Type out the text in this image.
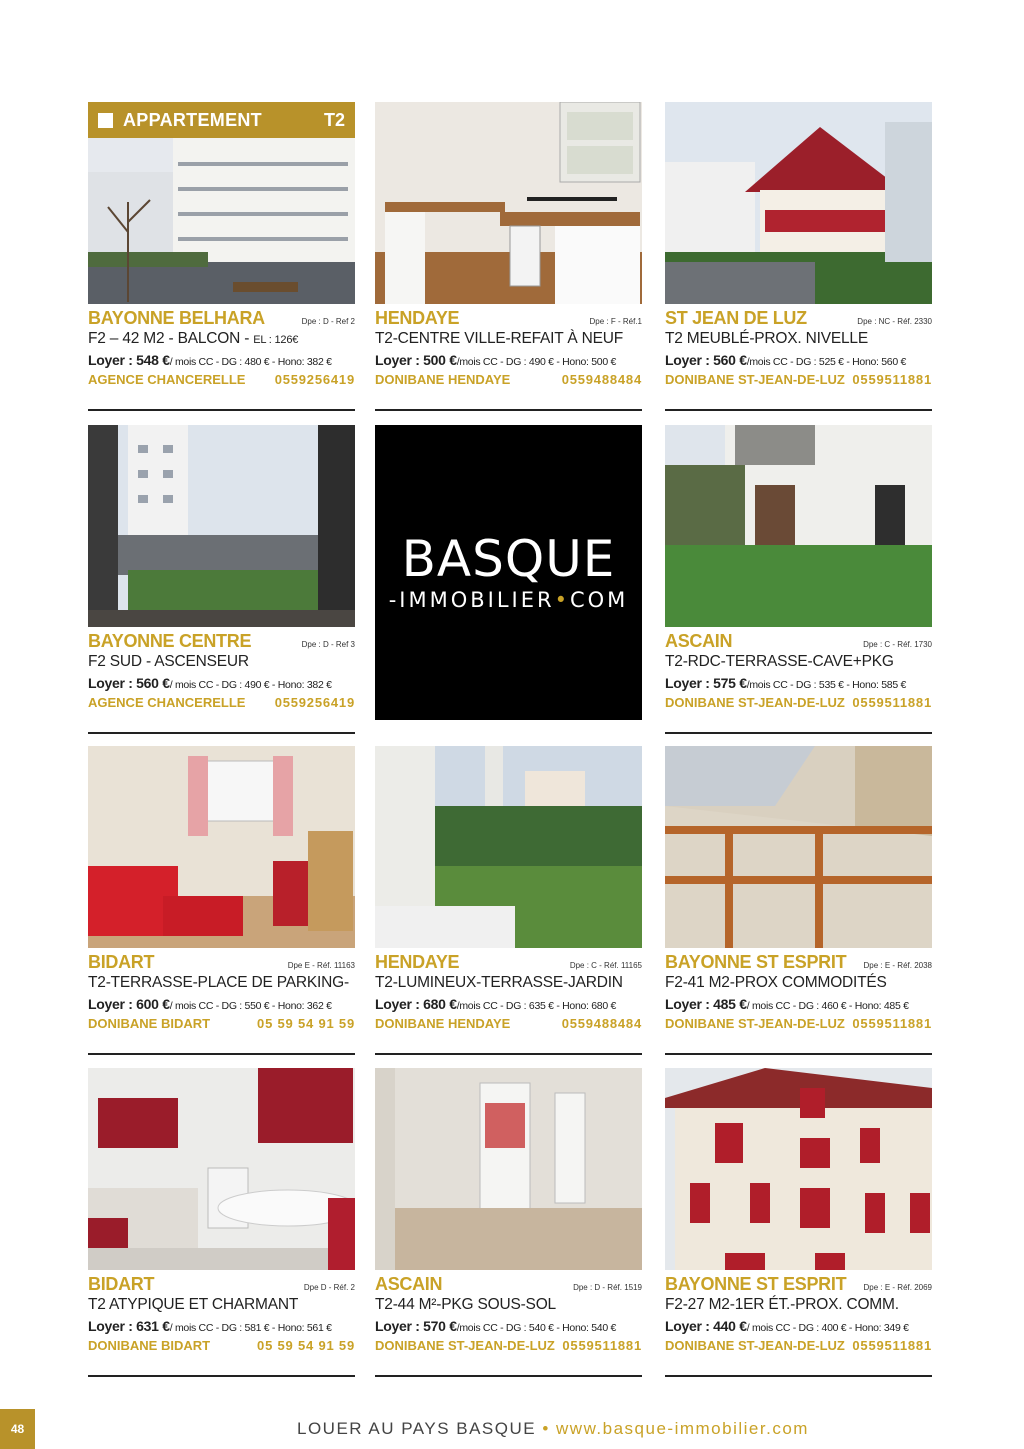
APPARTEMENT	T2
BAYONNE BELHARA	Dpe : D - Ref 2
F2 – 42 M2 - BALCON - EL : 126€
Loyer : 548 €/ mois CC - DG : 480 € - Hono: 382 €
AGENCE CHANCERELLE 0559256419
HENDAYE	Dpe : F - Réf.1
T2-CENTRE VILLE-REFAIT À NEUF
Loyer : 500 €/mois CC - DG : 490 € - Hono: 500 €
DONIBANE HENDAYE	0559488484
ST JEAN DE LUZ	Dpe : NC - Réf. 2330
T2 MEUBLÉ-PROX. NIVELLE
Loyer : 560 €/mois CC - DG : 525 € - Hono: 560 €
DONIBANE ST-JEAN-DE-LUZ 0559511881
BAYONNE CENTRE	Dpe : D - Ref 3
F2 SUD - ASCENSEUR
Loyer : 560 €/ mois CC - DG : 490 € - Hono: 382 €
AGENCE CHANCERELLE 0559256419
ASCAIN	Dpe : C - Réf. 1730
T2-RDC-TERRASSE-CAVE+PKG
Loyer : 575 €/mois CC - DG : 535 € - Hono: 585 €
DONIBANE ST-JEAN-DE-LUZ 0559511881
BIDART	Dpe E - Réf. 11163
T2-TERRASSE-PLACE DE PARKING-
Loyer : 600 €/ mois CC - DG : 550 € - Hono: 362 €
DONIBANE BIDART	05 59 54 91 59
HENDAYE	Dpe : C - Réf. 11165
T2-LUMINEUX-TERRASSE-JARDIN
Loyer : 680 €/mois CC - DG : 635 € - Hono: 680 €
DONIBANE HENDAYE	0559488484
BAYONNE ST ESPRIT Dpe : E - Réf. 2038
F2-41 M2-PROX COMMODITÉS
Loyer : 485 €/ mois CC - DG : 460 € - Hono: 485 €
DONIBANE ST-JEAN-DE-LUZ 0559511881
BIDART	Dpe D - Réf. 2
T2 ATYPIQUE ET CHARMANT
Loyer : 631 €/ mois CC - DG : 581 € - Hono: 561 €
DONIBANE BIDART	05 59 54 91 59
ASCAIN	Dpe : D - Réf. 1519
T2-44 M²-PKG SOUS-SOL
Loyer : 570 €/mois CC - DG : 540 € - Hono: 540 €
DONIBANE ST-JEAN-DE-LUZ 0559511881
BAYONNE ST ESPRIT Dpe : E - Réf. 2069
F2-27 M2-1ER ÉT.-PROX. COMM.
Loyer : 440 €/ mois CC - DG : 400 € - Hono: 349 €
DONIBANE ST-JEAN-DE-LUZ 0559511881
BASQUE
-IMMOBILIER•COM
48	LOUER AU PAYS BASQUE • www.basque-immobilier.com
